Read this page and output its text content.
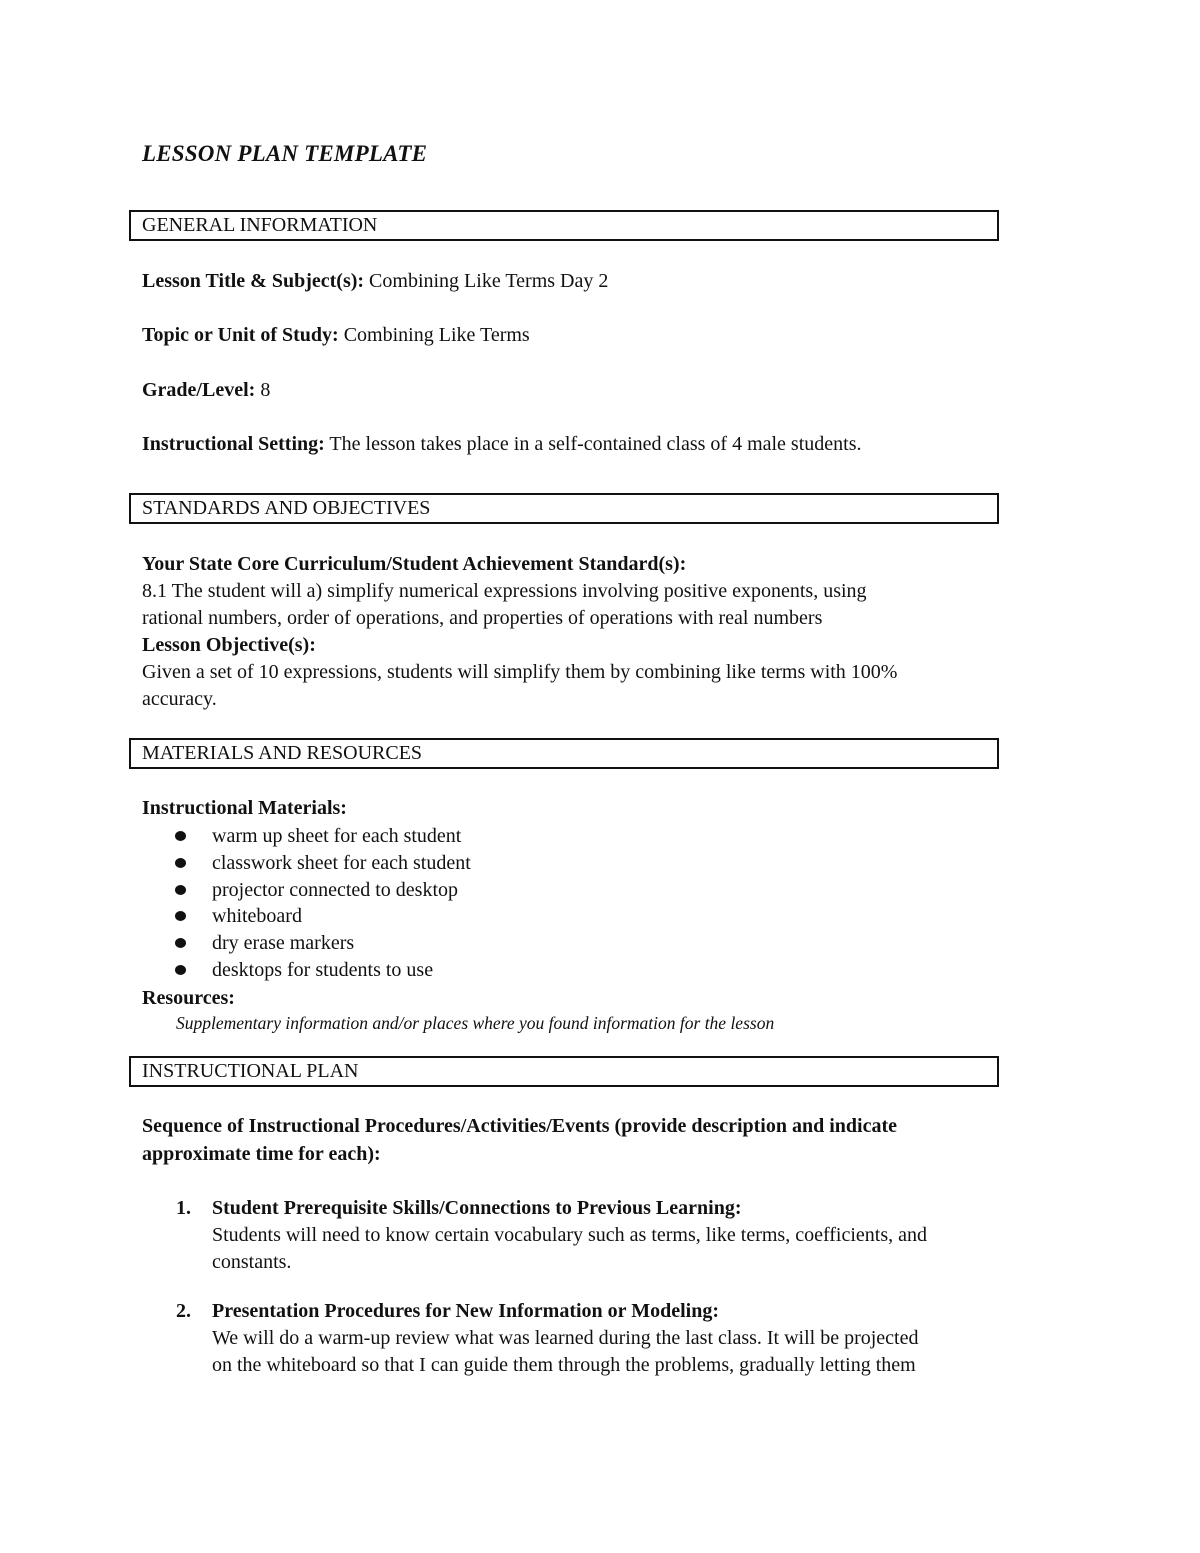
LESSON PLAN TEMPLATE
GENERAL INFORMATION
Lesson Title & Subject(s): Combining Like Terms Day 2
Topic or Unit of Study: Combining Like Terms
Grade/Level: 8
Instructional Setting: The lesson takes place in a self-contained class of 4 male students.
STANDARDS AND OBJECTIVES
Your State Core Curriculum/Student Achievement Standard(s):
8.1 The student will a) simplify numerical expressions involving positive exponents, using
rational numbers, order of operations, and properties of operations with real numbers
Lesson Objective(s):
Given a set of 10 expressions, students will simplify them by combining like terms with 100%
accuracy.
MATERIALS AND RESOURCES
Instructional Materials:
warm up sheet for each student
classwork sheet for each student
projector connected to desktop
whiteboard
dry erase markers
desktops for students to use
Resources:
Supplementary information and/or places where you found information for the lesson
INSTRUCTIONAL PLAN
Sequence of Instructional Procedures/Activities/Events (provide description and indicate
approximate time for each):
1. Student Prerequisite Skills/Connections to Previous Learning:
Students will need to know certain vocabulary such as terms, like terms, coefficients, and
constants.
2. Presentation Procedures for New Information or Modeling:
We will do a warm-up review what was learned during the last class. It will be projected
on the whiteboard so that I can guide them through the problems, gradually letting them
